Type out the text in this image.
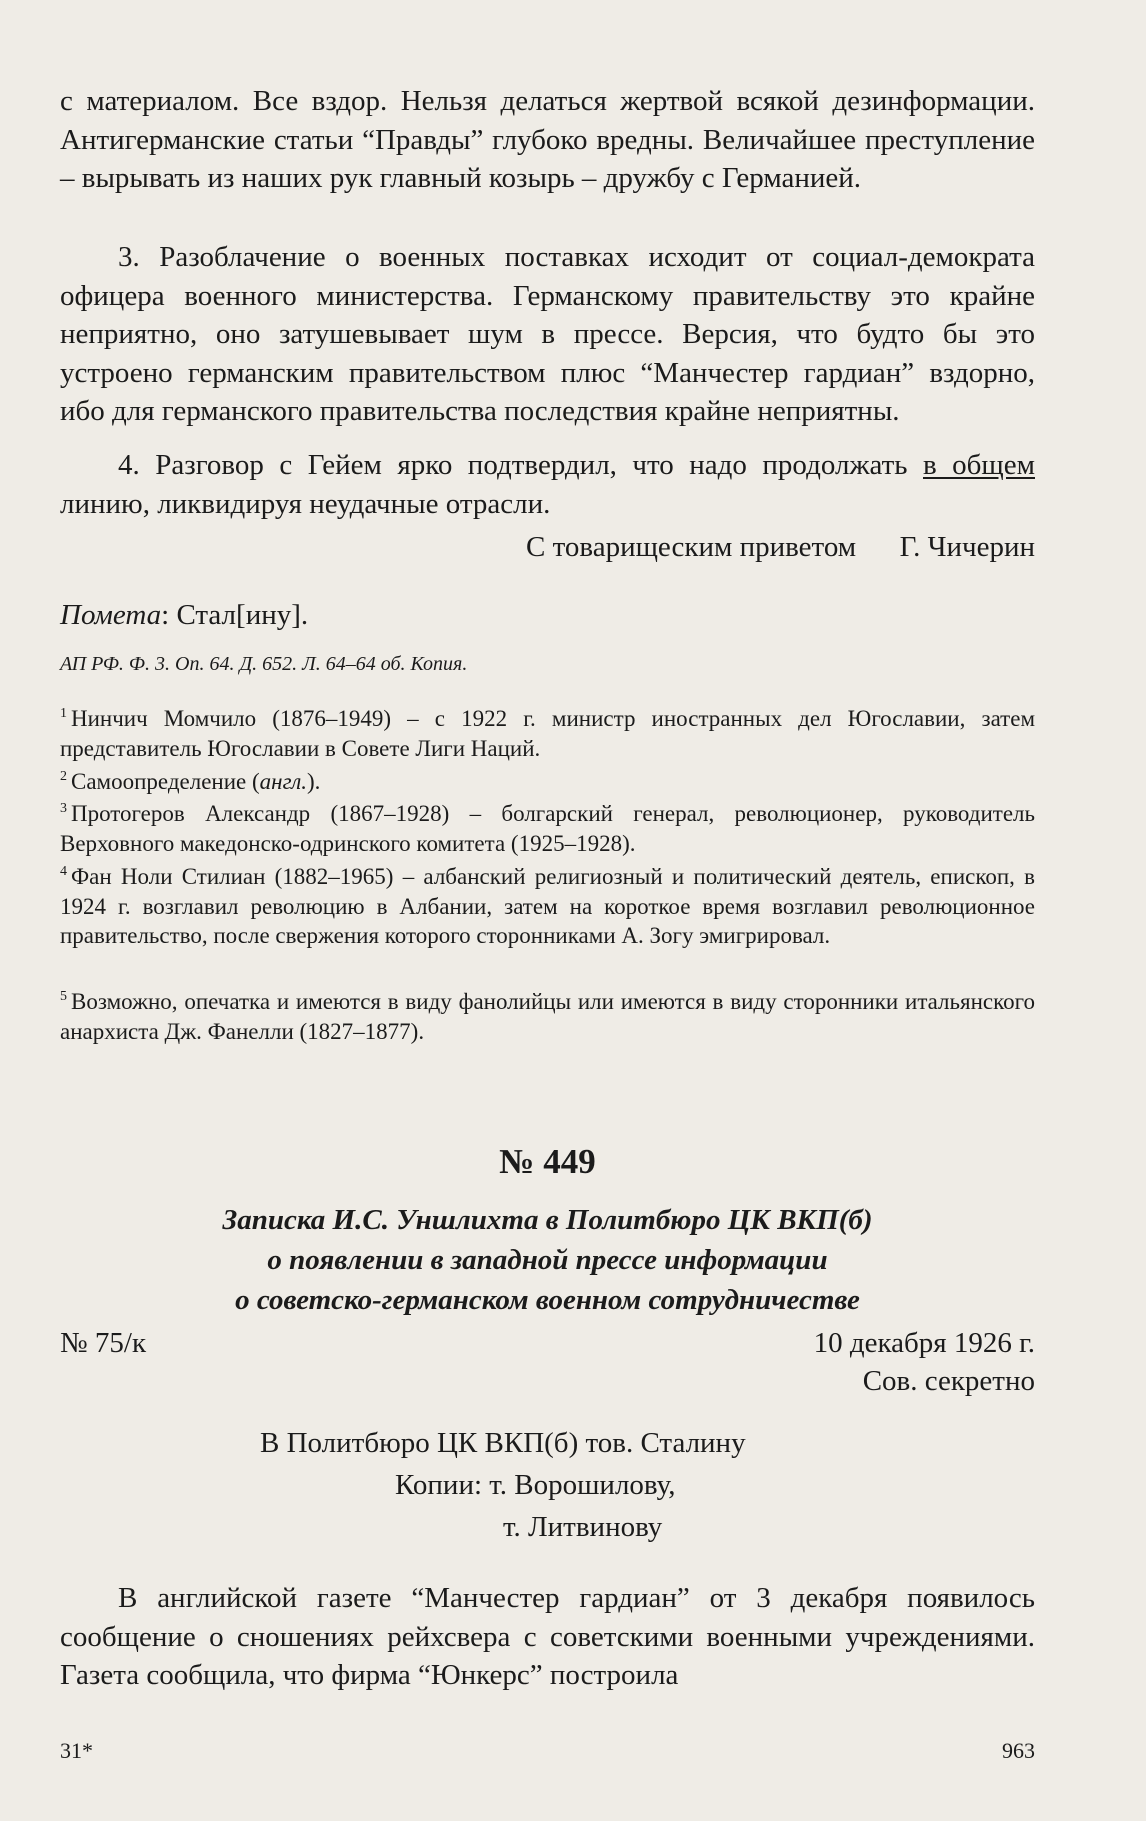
с материалом. Все вздор. Нельзя делаться жертвой всякой дезинформации. Антигерманские статьи “Правды” глубоко вредны. Величайшее преступление – вырывать из наших рук главный козырь – дружбу с Германией.

3. Разоблачение о военных поставках исходит от социал-демократа офицера военного министерства. Германскому правительству это крайне неприятно, оно затушевывает шум в прессе. Версия, что будто бы это устроено германским правительством плюс “Манчестер гардиан” вздорно, ибо для германского правительства последствия крайне неприятны.

4. Разговор с Гейем ярко подтвердил, что надо продолжать в общем линию, ликвидируя неудачные отрасли.

С товарищеским приветом Г. Чичерин

Помета: Стал[ину].

АП РФ. Ф. 3. Оп. 64. Д. 652. Л. 64–64 об. Копия.

$^1$ Нинчич Момчило (1876–1949) – с 1922 г. министр иностранных дел Югославии, затем представитель Югославии в Совете Лиги Наций.

$^2$ Самоопределение (англ.).

$^3$ Протогеров Александр (1867–1928) – болгарский генерал, революционер, руководитель Верховного македонско-одринского комитета (1925–1928).

$^4$ Фан Ноли Стилиан (1882–1965) – албанский религиозный и политический деятель, епископ, в 1924 г. возглавил революцию в Албании, затем на короткое время возглавил революционное правительство, после свержения которого сторонниками А. Зогу эмигрировал.

$^5$ Возможно, опечатка и имеются в виду фанолийцы или имеются в виду сторонники итальянского анархиста Дж. Фанелли (1827–1877).

№ 449

Записка И.С. Уншлихта в Политбюро ЦК ВКП(б)
о появлении в западной прессе информации
о советско-германском военном сотрудничестве

№ 75/к	10 декабря 1926 г.
Сов. секретно
В Политбюро ЦК ВКП(б) тов. Сталину
Копии: т. Ворошилову,
т. Литвинову

В английской газете “Манчестер гардиан” от 3 декабря появилось сообщение о сношениях рейхсвера с советскими военными учреждениями. Газета сообщила, что фирма “Юнкерс” построила

31*	963
